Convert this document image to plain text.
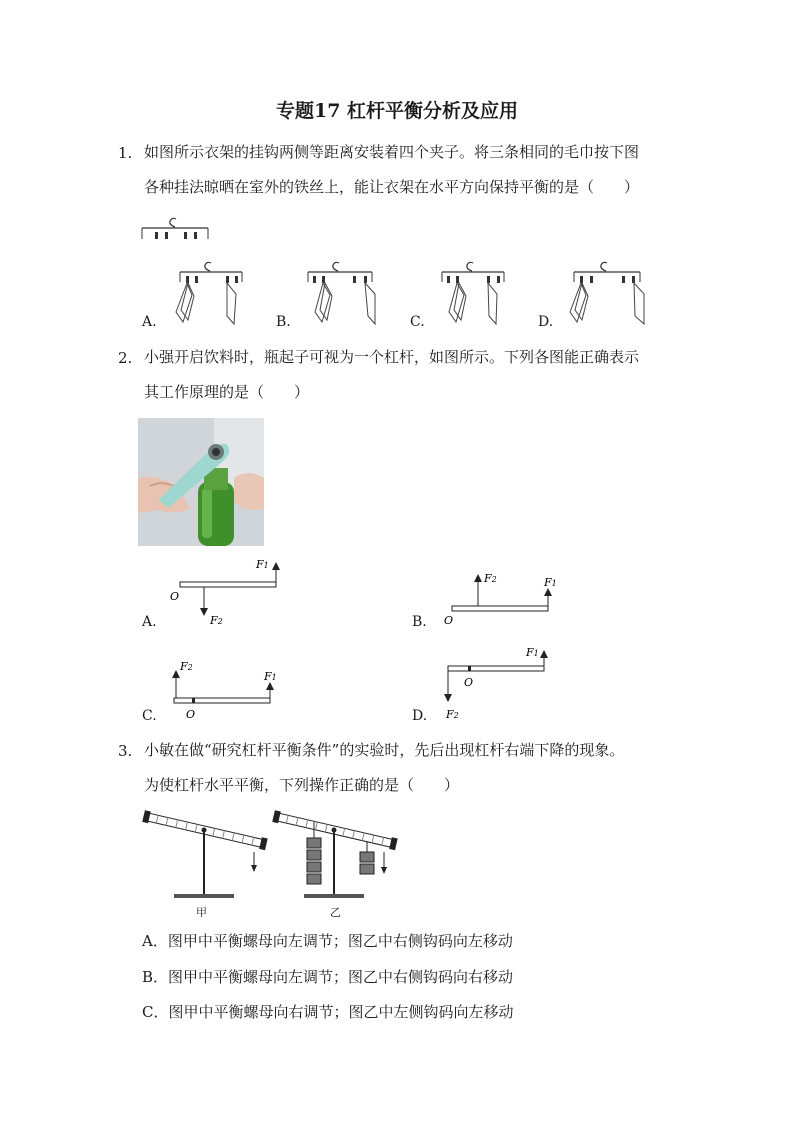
专题17 杠杆平衡分析及应用
1. 如图所示衣架的挂钩两侧等距离安装着四个夹子。将三条相同的毛巾按下图
各种挂法晾晒在室外的铁丝上，能让衣架在水平方向保持平衡的是（　　）
A.	B.	C.	D.
2. 小强开启饮料时，瓶起子可视为一个杠杆，如图所示。下列各图能正确表示
其工作原理的是（　　）
O
F1
F2
A.	O
F1
F2
B.
O
F1
F2
C.
O
F1
F2
D.
3. 小敏在做“研究杠杆平衡条件”的实验时，先后出现杠杆右端下降的现象。
为使杠杆水平平衡，下列操作正确的是（　　）
甲	乙
A．图甲中平衡螺母向左调节；图乙中右侧钩码向左移动
B．图甲中平衡螺母向左调节；图乙中右侧钩码向右移动
C．图甲中平衡螺母向右调节；图乙中左侧钩码向左移动
